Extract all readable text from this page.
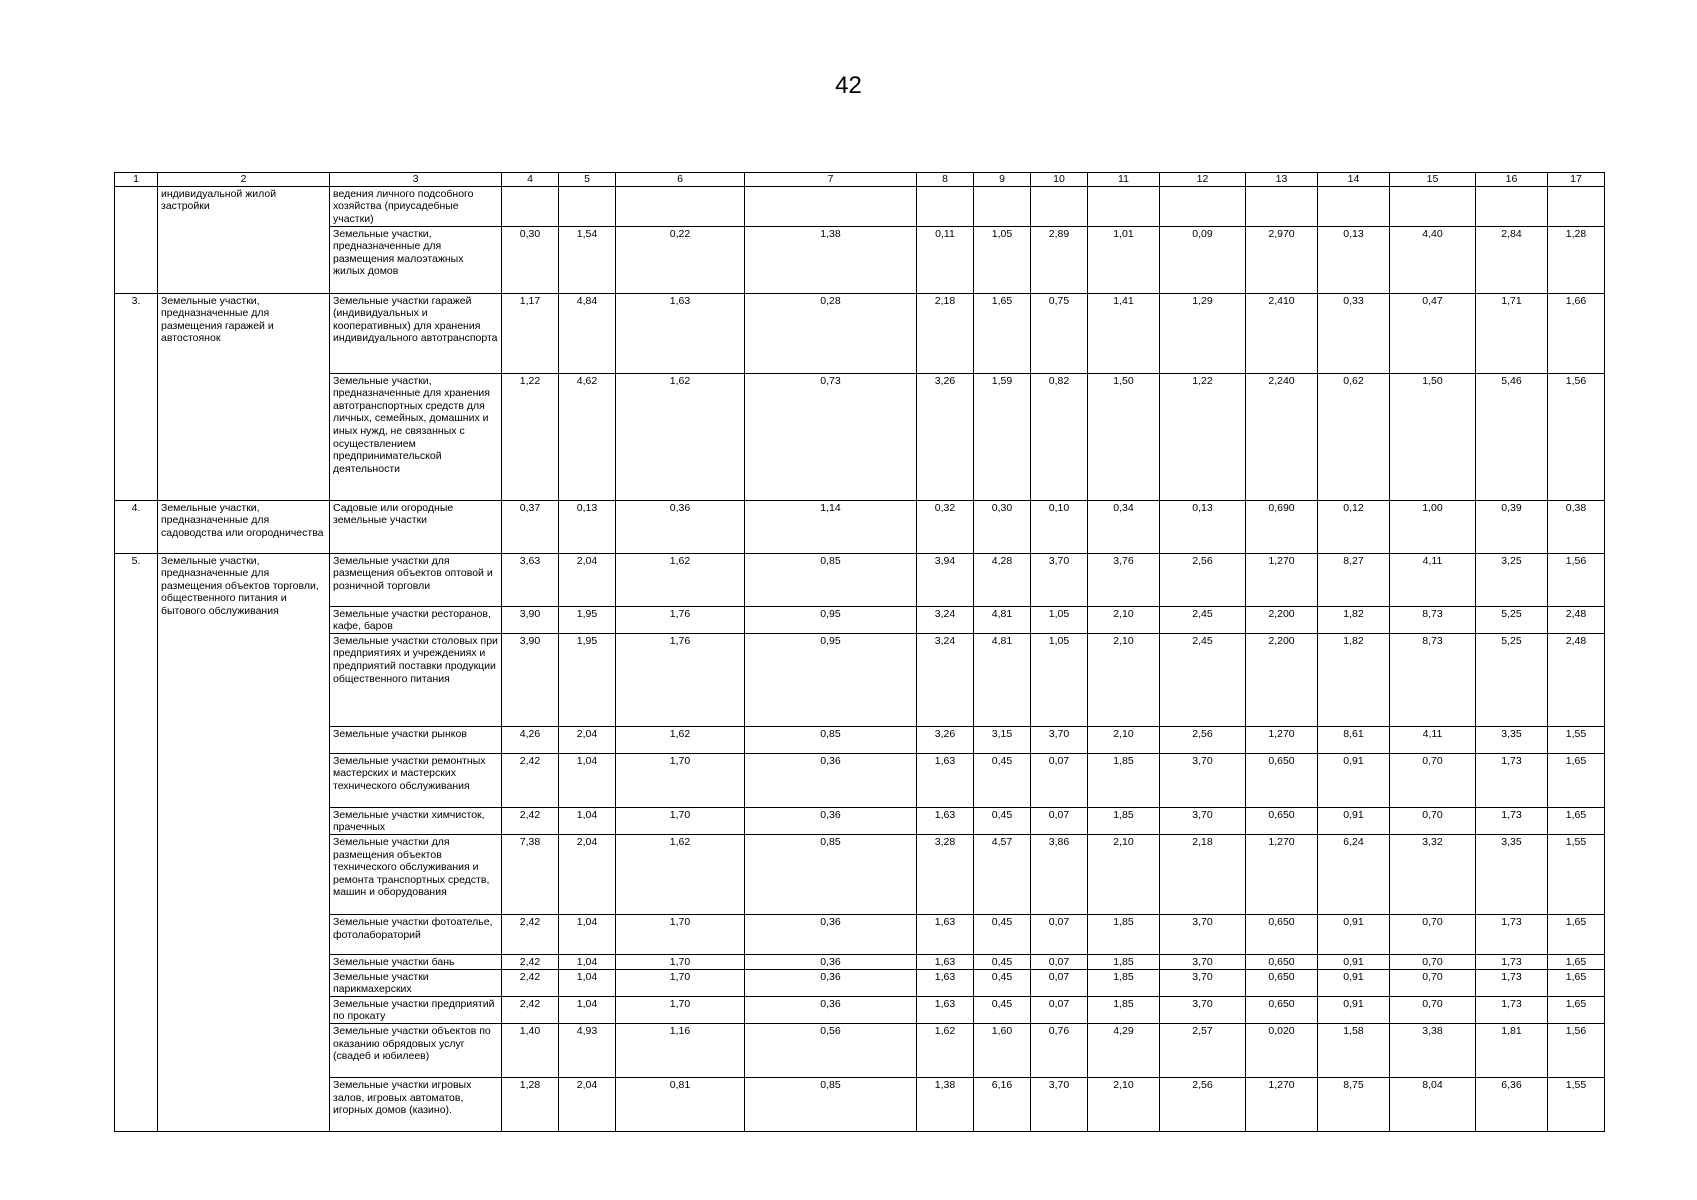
42
1	2	3	4	5	6	7	8	9	10	11	12	13	14	15	16	17
	индивидуальной жилой застройки	ведения личного подсобного хозяйства (приусадебные участки)														
		Земельные участки, предназначенные для размещения малоэтажных жилых домов	0,30	1,54	0,22	1,38	0,11	1,05	2,89	1,01	0,09	2,970	0,13	4,40	2,84	1,28
3.	Земельные участки, предназначенные для размещения гаражей и автостоянок	Земельные участки гаражей (индивидуальных и кооперативных) для хранения индивидуального автотранспорта	1,17	4,84	1,63	0,28	2,18	1,65	0,75	1,41	1,29	2,410	0,33	0,47	1,71	1,66
		Земельные участки, предназначенные для хранения автотранспортных средств для личных, семейных, домашних и иных нужд, не связанных с осуществлением предпринимательской деятельности	1,22	4,62	1,62	0,73	3,26	1,59	0,82	1,50	1,22	2,240	0,62	1,50	5,46	1,56
4.	Земельные участки, предназначенные для садоводства или огородничества	Садовые или огородные земельные участки	0,37	0,13	0,36	1,14	0,32	0,30	0,10	0,34	0,13	0,690	0,12	1,00	0,39	0,38
5.	Земельные участки, предназначенные для размещения объектов торговли, общественного питания и бытового обслуживания	Земельные участки для размещения объектов оптовой и розничной торговли	3,63	2,04	1,62	0,85	3,94	4,28	3,70	3,76	2,56	1,270	8,27	4,11	3,25	1,56
		Земельные участки ресторанов, кафе, баров	3,90	1,95	1,76	0,95	3,24	4,81	1,05	2,10	2,45	2,200	1,82	8,73	5,25	2,48
		Земельные участки столовых при предприятиях и учреждениях и предприятий поставки продукции общественного питания	3,90	1,95	1,76	0,95	3,24	4,81	1,05	2,10	2,45	2,200	1,82	8,73	5,25	2,48
		Земельные участки рынков	4,26	2,04	1,62	0,85	3,26	3,15	3,70	2,10	2,56	1,270	8,61	4,11	3,35	1,55
		Земельные участки ремонтных мастерских и мастерских технического обслуживания	2,42	1,04	1,70	0,36	1,63	0,45	0,07	1,85	3,70	0,650	0,91	0,70	1,73	1,65
		Земельные участки химчисток, прачечных	2,42	1,04	1,70	0,36	1,63	0,45	0,07	1,85	3,70	0,650	0,91	0,70	1,73	1,65
		Земельные участки для размещения объектов технического обслуживания и ремонта транспортных средств, машин и оборудования	7,38	2,04	1,62	0,85	3,28	4,57	3,86	2,10	2,18	1,270	6,24	3,32	3,35	1,55
		Земельные участки фотоателье, фотолабораторий	2,42	1,04	1,70	0,36	1,63	0,45	0,07	1,85	3,70	0,650	0,91	0,70	1,73	1,65
		Земельные участки бань	2,42	1,04	1,70	0,36	1,63	0,45	0,07	1,85	3,70	0,650	0,91	0,70	1,73	1,65
		Земельные участки парикмахерских	2,42	1,04	1,70	0,36	1,63	0,45	0,07	1,85	3,70	0,650	0,91	0,70	1,73	1,65
		Земельные участки предприятий по прокату	2,42	1,04	1,70	0,36	1,63	0,45	0,07	1,85	3,70	0,650	0,91	0,70	1,73	1,65
		Земельные участки объектов по оказанию обрядовых услуг (свадеб и юбилеев)	1,40	4,93	1,16	0,56	1,62	1,60	0,76	4,29	2,57	0,020	1,58	3,38	1,81	1,56
		Земельные участки игровых залов, игровых автоматов, игорных домов (казино).	1,28	2,04	0,81	0,85	1,38	6,16	3,70	2,10	2,56	1,270	8,75	8,04	6,36	1,55
